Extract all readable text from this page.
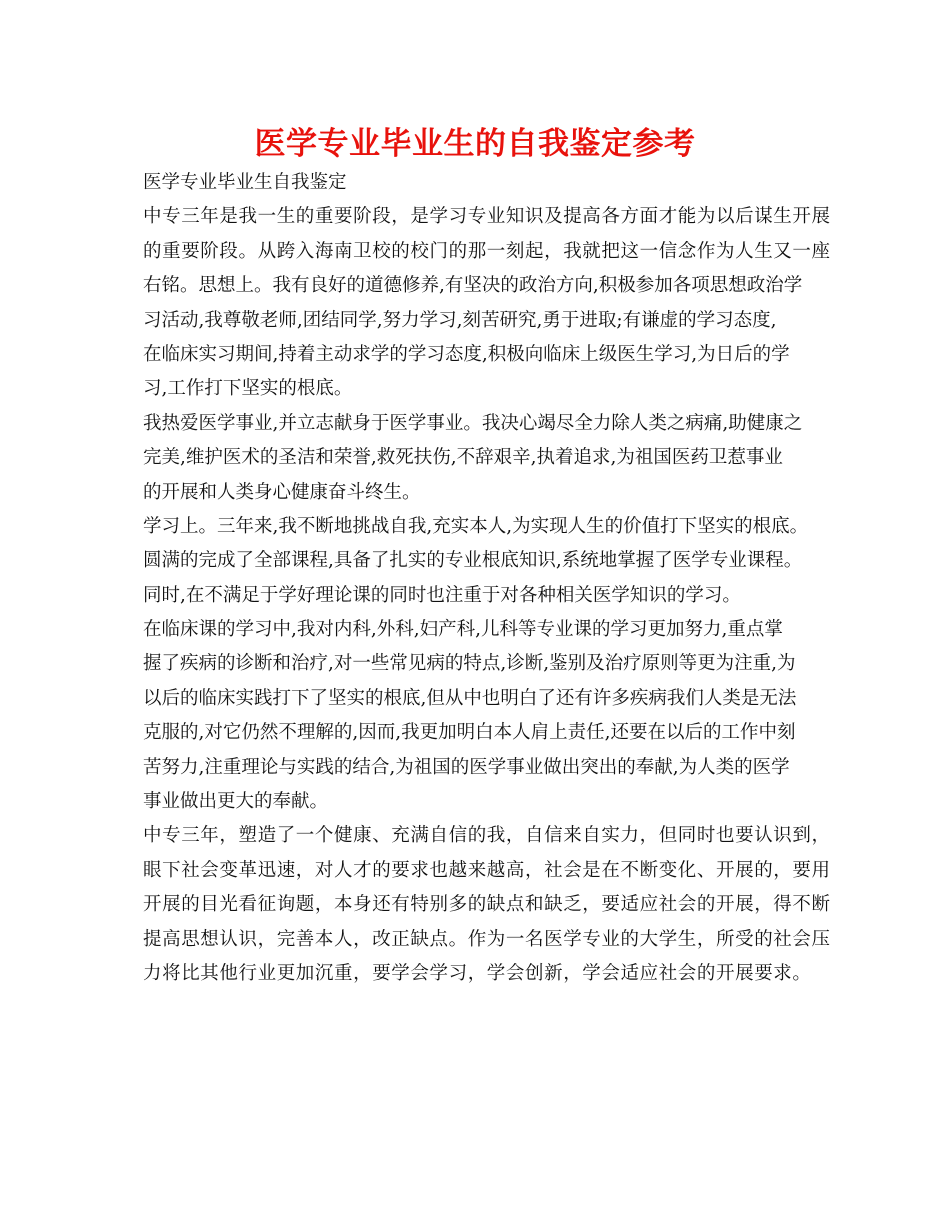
医学专业毕业生的自我鉴定参考
医学专业毕业生自我鉴定
中专三年是我一生的重要阶段，是学习专业知识及提高各方面才能为以后谋生开展
的重要阶段。从跨入海南卫校的校门的那一刻起，我就把这一信念作为人生又一座
右铭。思想上。我有良好的道德修养,有坚决的政治方向,积极参加各项思想政治学
习活动,我尊敬老师,团结同学,努力学习,刻苦研究,勇于进取;有谦虚的学习态度,
在临床实习期间,持着主动求学的学习态度,积极向临床上级医生学习,为日后的学
习,工作打下坚实的根底。
我热爱医学事业,并立志献身于医学事业。我决心竭尽全力除人类之病痛,助健康之
完美,维护医术的圣洁和荣誉,救死扶伤,不辞艰辛,执着追求,为祖国医药卫惹事业
的开展和人类身心健康奋斗终生。
学习上。三年来,我不断地挑战自我,充实本人,为实现人生的价值打下坚实的根底。
圆满的完成了全部课程,具备了扎实的专业根底知识,系统地掌握了医学专业课程。
同时,在不满足于学好理论课的同时也注重于对各种相关医学知识的学习。
在临床课的学习中,我对内科,外科,妇产科,儿科等专业课的学习更加努力,重点掌
握了疾病的诊断和治疗,对一些常见病的特点,诊断,鉴别及治疗原则等更为注重,为
以后的临床实践打下了坚实的根底,但从中也明白了还有许多疾病我们人类是无法
克服的,对它仍然不理解的,因而,我更加明白本人肩上责任,还要在以后的工作中刻
苦努力,注重理论与实践的结合,为祖国的医学事业做出突出的奉献,为人类的医学
事业做出更大的奉献。
中专三年，塑造了一个健康、充满自信的我，自信来自实力，但同时也要认识到，
眼下社会变革迅速，对人才的要求也越来越高，社会是在不断变化、开展的，要用
开展的目光看征询题，本身还有特别多的缺点和缺乏，要适应社会的开展，得不断
提高思想认识，完善本人，改正缺点。作为一名医学专业的大学生，所受的社会压
力将比其他行业更加沉重，要学会学习，学会创新，学会适应社会的开展要求。
